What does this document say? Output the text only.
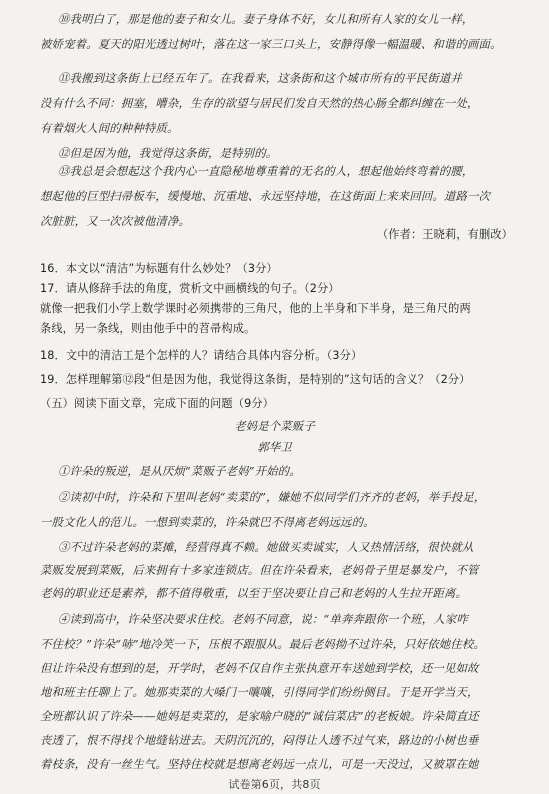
⑩我明白了，那是他的妻子和女儿。妻子身体不好，女儿和所有人家的女儿一样，
被娇宠着。夏天的阳光透过树叶，落在这一家三口头上，安静得像一幅温暖、和谐的画面。
⑪我搬到这条街上已经五年了。在我看来，这条街和这个城市所有的平民街道并
没有什么不同：拥塞，嘈杂，生存的欲望与居民们发自天然的热心肠全都纠缠在一处，
有着烟火人间的种种特质。
⑫但是因为他，我觉得这条街，是特别的。
⑬我总是会想起这个我内心一直隐秘地尊重着的无名的人，想起他始终弯着的腰，
想起他的巨型扫帚板车，缓慢地、沉重地、永远坚持地，在这街面上来来回回。道路一次
次脏脏，又一次次被他清净。
（作者：王晓莉，有删改）
16．本文以“清洁”为标题有什么妙处？（3分）
17．请从修辞手法的角度，赏析文中画横线的句子。（2分）
就像一把我们小学上数学课时必须携带的三角尺，他的上半身和下半身，是三角尺的两
条线，另一条线，则由他手中的苕帚构成。
18．文中的清洁工是个怎样的人？请结合具体内容分析。（3分）
19．怎样理解第⑫段“但是因为他，我觉得这条街，是特别的”这句话的含义？（2分）
（五）阅读下面文章，完成下面的问题（9分）
老妈是个菜贩子
郭华卫
①许朵的叛逆，是从厌烦“菜贩子老妈”开始的。
②读初中时，许朵和下里叫老妈“卖菜的”，嫌她不似同学们齐齐的老妈，举手投足，
一股文化人的范儿。一想到卖菜的，许朵就巴不得离老妈远远的。
③不过许朵老妈的菜摊，经营得真不赖。她做买卖诚实，人又热情活络，很快就从
菜贩发展到菜贩，后来拥有十多家连锁店。但在许朵看来，老妈骨子里是暴发户，不管
老妈的职业还是素养，都不值得敬重，以至于坚决要让自己和老妈的人生拉开距离。
④读到高中，许朵坚决要求住校。老妈不同意，说：“单奔奔跟你一个班，人家咋
不住校？”许朵“哧”地冷笑一下，压根不跟服从。最后老妈拗不过许朵，只好依她住校。
但让许朵没有想到的是，开学时，老妈不仅自作主张执意开车送她到学校，还一见如故
地和班主任聊上了。她那卖菜的大嗓门一嚷嚷，引得同学们纷纷侧目。于是开学当天，
全班都认识了许朵——她妈是卖菜的，是家喻户晓的“诚信菜店”的老板娘。许朵简直还
丧透了，恨不得找个地缝钻进去。天阴沉沉的，闷得让人透不过气来，路边的小树也垂
着枝条，没有一丝生气。坚持住校就是想离老妈远一点儿，可是一天没过，又被罩在她
试卷第6页，共8页
